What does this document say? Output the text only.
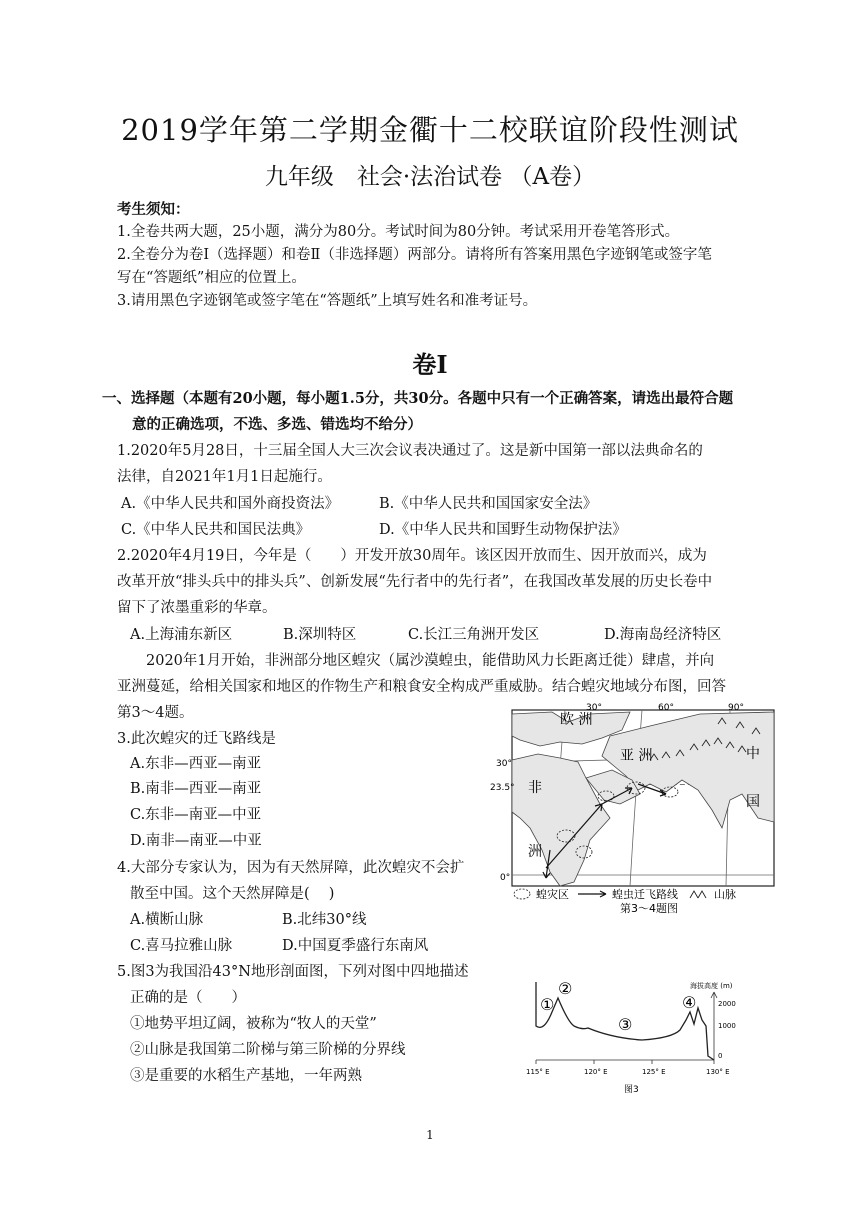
2019学年第二学期金衢十二校联谊阶段性测试
九年级　社会·法治试卷 （A卷）
考生须知：
1.全卷共两大题，25小题，满分为80分。考试时间为80分钟。考试采用开卷笔答形式。
2.全卷分为卷Ⅰ（选择题）和卷Ⅱ（非选择题）两部分。请将所有答案用黑色字迹钢笔或签字笔
写在“答题纸”相应的位置上。
3.请用黑色字迹钢笔或签字笔在“答题纸”上填写姓名和准考证号。
卷Ⅰ
一、选择题（本题有20小题，每小题1.5分，共30分。各题中只有一个正确答案，请选出最符合题
意的正确选项，不选、多选、错选均不给分）
1.2020年5月28日，十三届全国人大三次会议表决通过了。这是新中国第一部以法典命名的
法律，自2021年1月1日起施行。
A.《中华人民共和国外商投资法》	B.《中华人民共和国国家安全法》
C.《中华人民共和国民法典》	D.《中华人民共和国野生动物保护法》
2.2020年4月19日，今年是（　　）开发开放30周年。该区因开放而生、因开放而兴，成为
改革开放“排头兵中的排头兵”、创新发展“先行者中的先行者”，在我国改革发展的历史长卷中
留下了浓墨重彩的华章。
A.上海浦东新区	B.深圳特区	C.长江三角洲开发区	D.海南岛经济特区
2020年1月开始，非洲部分地区蝗灾（属沙漠蝗虫，能借助风力长距离迁徙）肆虐，并向
亚洲蔓延，给相关国家和地区的作物生产和粮食安全构成严重威胁。结合蝗灾地域分布图，回答
第3～4题。
3.此次蝗灾的迁飞路线是
A.东非—西亚—南亚
B.南非—西亚—南亚
C.东非—南亚—中亚
D.南非—南亚—中亚
4.大部分专家认为，因为有天然屏障，此次蝗灾不会扩
散至中国。这个天然屏障是(　 )
A.横断山脉	B.北纬30°线
C.喜马拉雅山脉	D.中国夏季盛行东南风
5.图3为我国沿43°N地形剖面图，下列对图中四地描述
正确的是（　　）
①地势平坦辽阔，被称为“牧人的天堂”
②山脉是我国第二阶梯与第三阶梯的分界线
③是重要的水稻生产基地，一年两熟
30°	60°	90°
30°
23.5°
0°
欧 洲
亚 洲
非
洲
中
国
蝗灾区	蝗虫迁飞路线	山脉
第3～4题图
①
②
③
④
海拔高度 (m)
2000
1000
0
115° E	120° E	125° E	130° E
图3
1
